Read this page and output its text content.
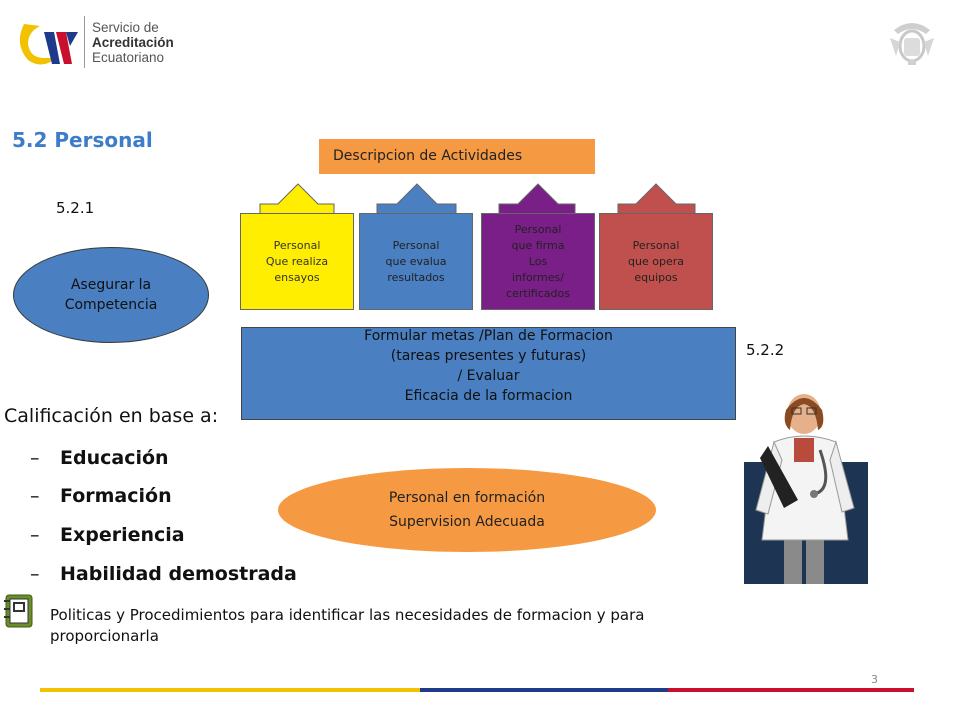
Servicio de
Acreditación
Ecuatoriano
5.2 Personal
5.2.1
5.2.2
Descripcion de Actividades
Personal
Que realiza
ensayos
Personal
que evalua
resultados
Personal
que firma
Los
informes/
certificados
Personal
que opera
equipos
Asegurar la
Competencia
Formular metas /Plan de Formacion
(tareas presentes y futuras)
/ Evaluar
Eficacia de la formacion
Calificación en base a:
– Educación
– Formación
– Experiencia
– Habilidad demostrada
Personal en formación
Supervision Adecuada
Politicas y Procedimientos para identificar las necesidades de formacion y para proporcionarla
3
